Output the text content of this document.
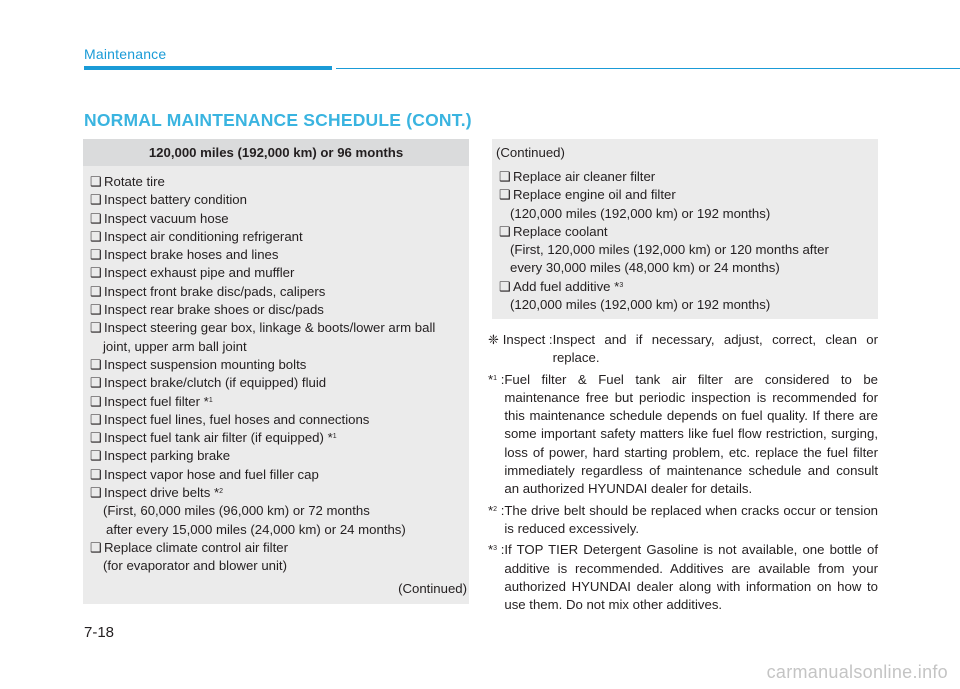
Maintenance
NORMAL MAINTENANCE SCHEDULE (CONT.)
120,000 miles (192,000 km) or 96 months
❑ Rotate tire
❑ Inspect battery condition
❑ Inspect vacuum hose
❑ Inspect air conditioning refrigerant
❑ Inspect brake hoses and lines
❑ Inspect exhaust pipe and muffler
❑ Inspect front brake disc/pads, calipers
❑ Inspect rear brake shoes or disc/pads
❑ Inspect steering gear box, linkage & boots/lower arm ball
joint, upper arm ball joint
❑ Inspect suspension mounting bolts
❑ Inspect brake/clutch (if equipped) fluid
❑ Inspect fuel filter *$^1$
❑ Inspect fuel lines, fuel hoses and connections
❑ Inspect fuel tank air filter (if equipped) *$^1$
❑ Inspect parking brake
❑ Inspect vapor hose and fuel filler cap
❑ Inspect drive belts *$^2$
(First, 60,000 miles (96,000 km) or 72 months
after every 15,000 miles (24,000 km) or 24 months)
❑ Replace climate control air filter
(for evaporator and blower unit)
(Continued)
(Continued)
❑ Replace air cleaner filter
❑ Replace engine oil and filter
(120,000 miles (192,000 km) or 192 months)
❑ Replace coolant
(First, 120,000 miles (192,000 km) or 120 months after
every 30,000 miles (48,000 km) or 24 months)
❑ Add fuel additive *$^3$
(120,000 miles (192,000 km) or 192 months)
❈ Inspect : Inspect and if necessary, adjust, correct, clean or replace.
*$^1$ : Fuel filter & Fuel tank air filter are considered to be maintenance free but periodic inspection is recommended for this maintenance schedule depends on fuel quality. If there are some important safety matters like fuel flow restriction, surging, loss of power, hard starting problem, etc. replace the fuel filter immediately regardless of maintenance schedule and consult an authorized HYUNDAI dealer for details.
*$^2$ : The drive belt should be replaced when cracks occur or tension is reduced excessively.
*$^3$ : If TOP TIER Detergent Gasoline is not available, one bottle of additive is recommended. Additives are available from your authorized HYUNDAI dealer along with information on how to use them. Do not mix other additives.
7-18
carmanualsonline.info
